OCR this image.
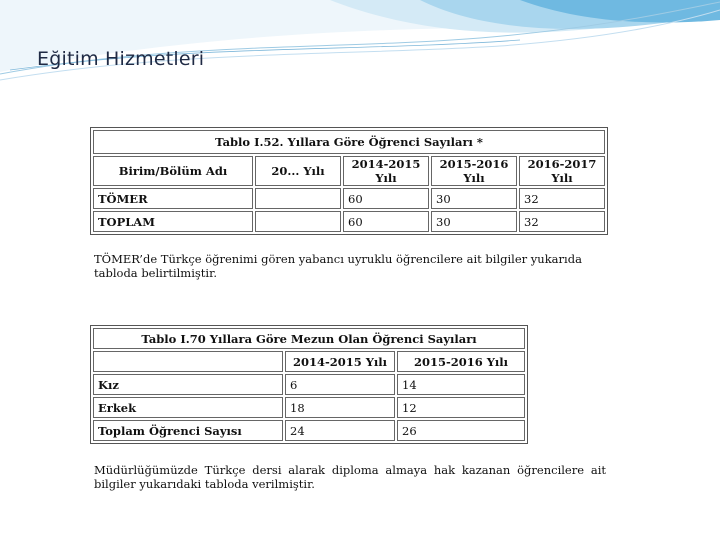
Eğitim Hizmetleri
Tablo I.52. Yıllara Göre Öğrenci Sayıları *				
Birim/Bölüm Adı	20... Yılı	2014-2015 Yılı	2015-2016 Yılı	2016-2017 Yılı
TÖMER		60	30	32
TOPLAM		60	30	32
TÖMER’de Türkçe öğrenimi gören yabancı uyruklu öğrencilere ait bilgiler yukarıda tabloda belirtilmiştir.
Tablo I.70 Yıllara Göre Mezun Olan Öğrenci Sayıları		
	2014-2015 Yılı	2015-2016 Yılı
Kız	6	14
Erkek	18	12
Toplam Öğrenci Sayısı	24	26
Müdürlüğümüzde Türkçe dersi alarak diploma almaya hak kazanan öğrencilere ait bilgiler yukarıdaki tabloda verilmiştir.
